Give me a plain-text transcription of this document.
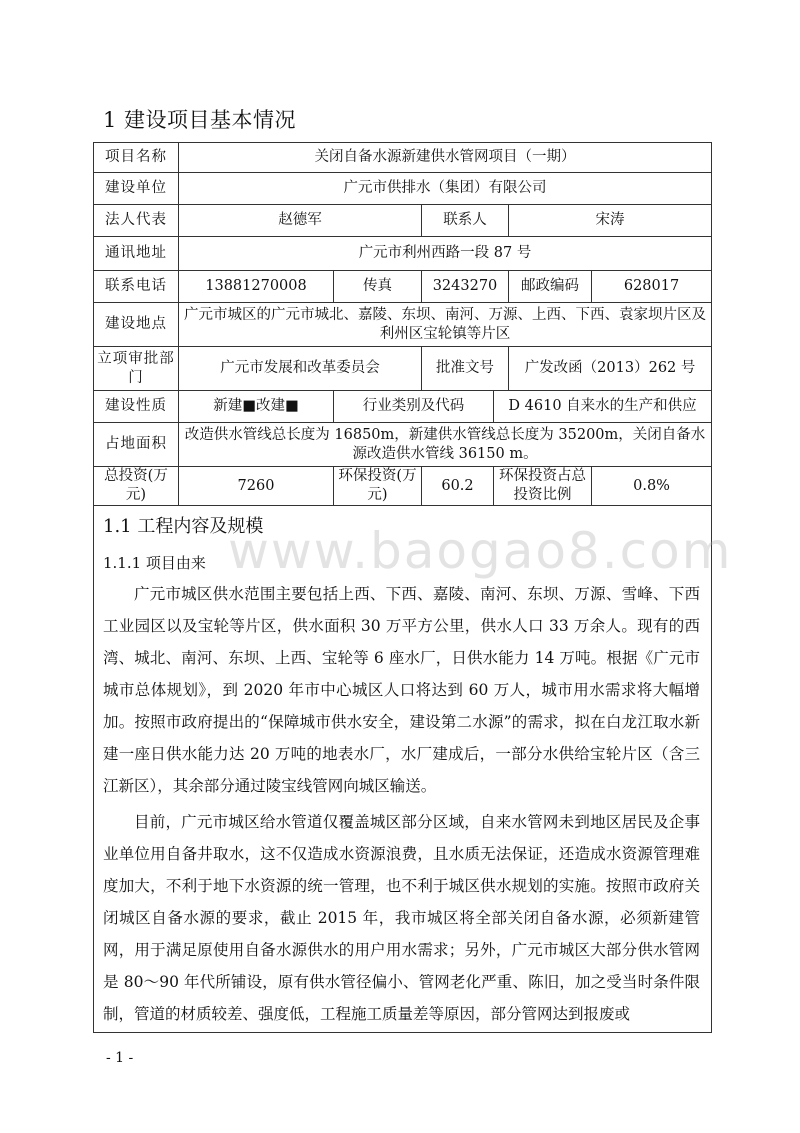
1 建设项目基本情况
项目名称	关闭自备水源新建供水管网项目（一期）					
建设单位	广元市供排水（集团）有限公司					
法人代表	赵德军		联系人		宋涛	
通讯地址	广元市利州西路一段 87 号					
联系电话	13881270008	传真	3243270		邮政编码	628017
建设地点	广元市城区的广元市城北、嘉陵、东坝、南河、万源、上西、下西、袁家坝片区及利州区宝轮镇等片区					
立项审批部门	广元市发展和改革委员会		批准文号		广发改函（2013）262 号	
建设性质	新建■改建■	行业类别及代码		D 4610 自来水的生产和供应		
占地面积	改造供水管线总长度为 16850m，新建供水管线总长度为 35200m，关闭自备水源改造供水管线 36150 m。					
总投资(万元)	7260	环保投资(万元)	60.2	环保投资占总投资比例		0.8%
www.baogao8.com
1.1 工程内容及规模
1.1.1 项目由来

广元市城区供水范围主要包括上西、下西、嘉陵、南河、东坝、万源、雪峰、下西工业园区以及宝轮等片区，供水面积 30 万平方公里，供水人口 33 万余人。现有的西湾、城北、南河、东坝、上西、宝轮等 6 座水厂，日供水能力 14 万吨。根据《广元市城市总体规划》，到 2020 年市中心城区人口将达到 60 万人，城市用水需求将大幅增加。按照市政府提出的“保障城市供水安全，建设第二水源”的需求，拟在白龙江取水新建一座日供水能力达 20 万吨的地表水厂，水厂建成后，一部分水供给宝轮片区（含三江新区），其余部分通过陵宝线管网向城区输送。

目前，广元市城区给水管道仅覆盖城区部分区域，自来水管网未到地区居民及企事业单位用自备井取水，这不仅造成水资源浪费，且水质无法保证，还造成水资源管理难度加大，不利于地下水资源的统一管理，也不利于城区供水规划的实施。按照市政府关闭城区自备水源的要求，截止 2015 年，我市城区将全部关闭自备水源，必须新建管网，用于满足原使用自备水源供水的用户用水需求；另外，广元市城区大部分供水管网是 80～90 年代所铺设，原有供水管径偏小、管网老化严重、陈旧，加之受当时条件限制，管道的材质较差、强度低，工程施工质量差等原因，部分管网达到报废或

- 1 -
